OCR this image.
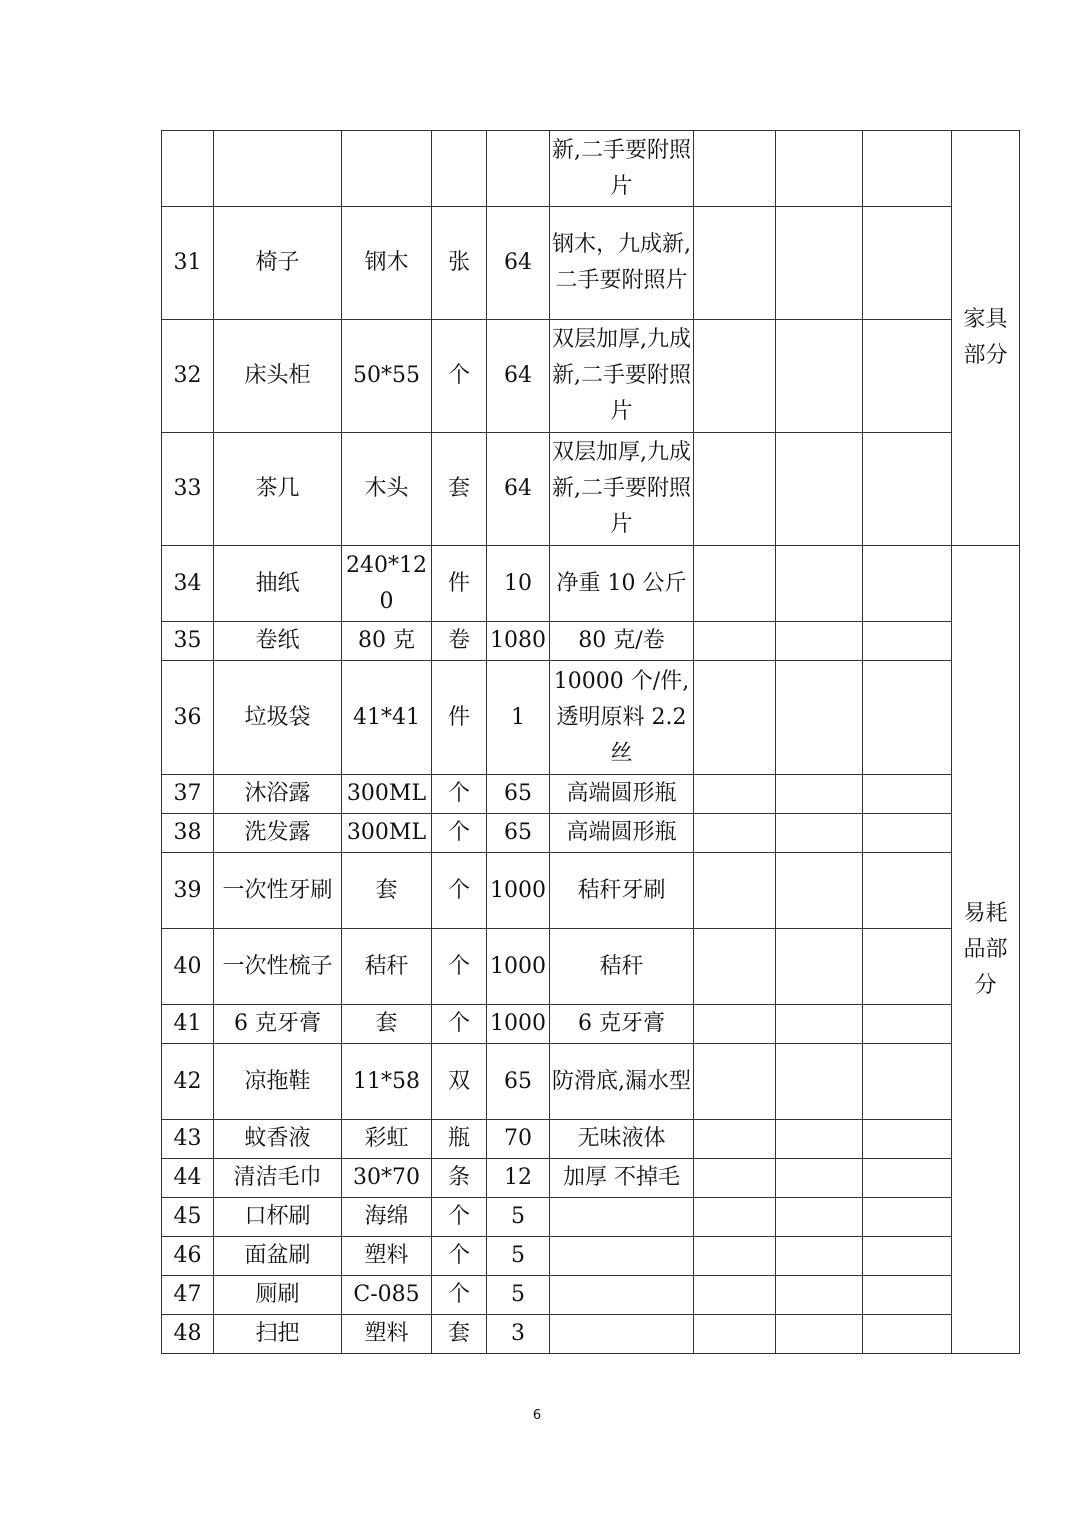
					新,二手要附照片				家具部分
31	椅子	钢木	张	64	钢木，九成新,二手要附照片				
32	床头柜	50*55	个	64	双层加厚,九成新,二手要附照片				
33	茶几	木头	套	64	双层加厚,九成新,二手要附照片				
34	抽纸	240*120	件	10	净重 10 公斤				易耗品部分
35	卷纸	80 克	卷	1080	80 克/卷				
36	垃圾袋	41*41	件	1	10000 个/件,透明原料 2.2 丝				
37	沐浴露	300ML	个	65	高端圆形瓶				
38	洗发露	300ML	个	65	高端圆形瓶				
39	一次性牙刷	套	个	1000	秸秆牙刷				
40	一次性梳子	秸秆	个	1000	秸秆				
41	6 克牙膏	套	个	1000	6 克牙膏				
42	凉拖鞋	11*58	双	65	防滑底,漏水型				
43	蚊香液	彩虹	瓶	70	无味液体				
44	清洁毛巾	30*70	条	12	加厚 不掉毛				
45	口杯刷	海绵	个	5					
46	面盆刷	塑料	个	5					
47	厕刷	C-085	个	5					
48	扫把	塑料	套	3					
6
